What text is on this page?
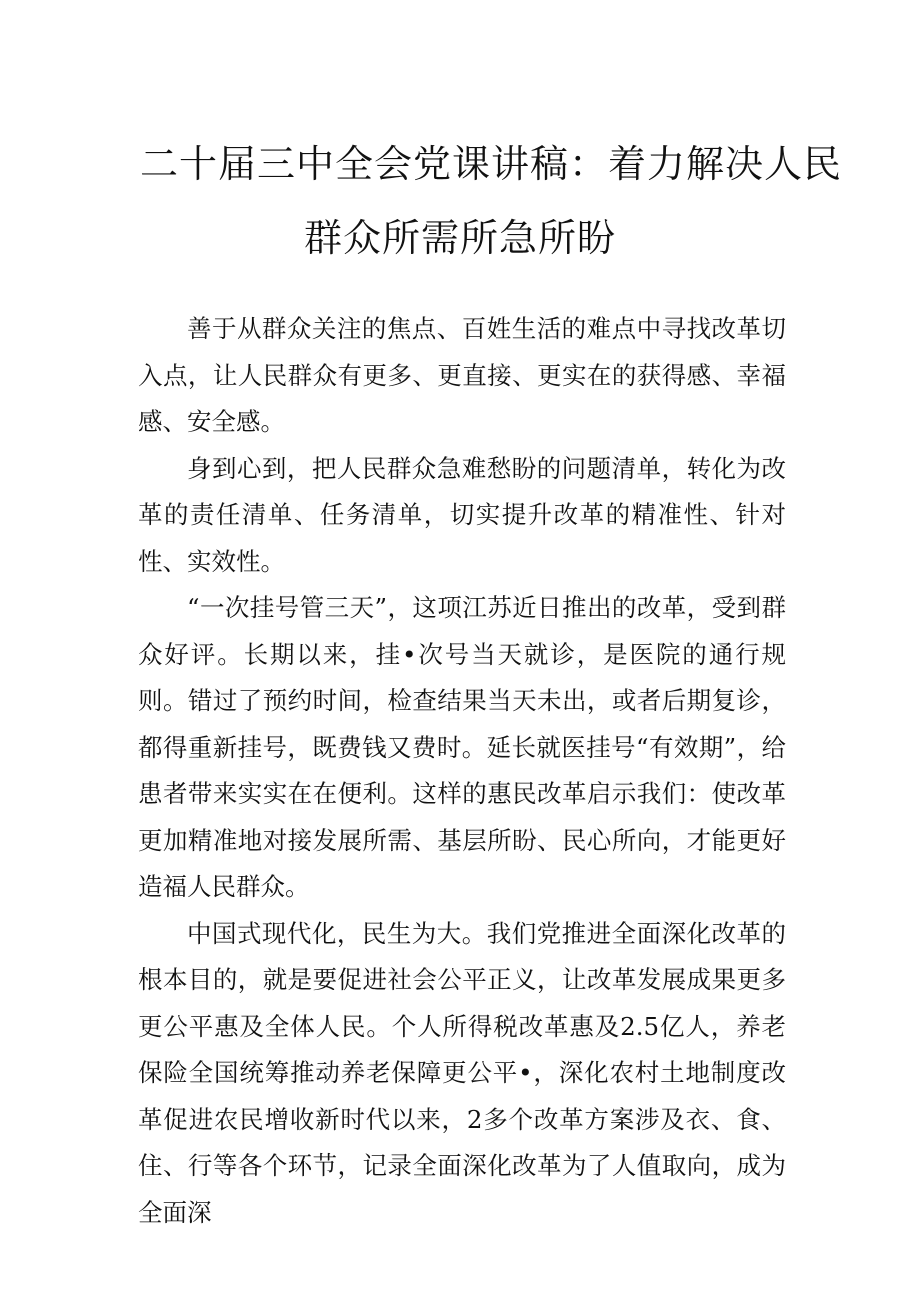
二十届三中全会党课讲稿：着力解决人民
群众所需所急所盼

善于从群众关注的焦点、百姓生活的难点中寻找改革切入点，让人民群众有更多、更直接、更实在的获得感、幸福感、安全感。

身到心到，把人民群众急难愁盼的问题清单，转化为改革的责任清单、任务清单，切实提升改革的精准性、针对性、实效性。

“一次挂号管三天”，这项江苏近日推出的改革，受到群众好评。长期以来，挂•次号当天就诊，是医院的通行规则。错过了预约时间，检查结果当天未出，或者后期复诊，都得重新挂号，既费钱又费时。延长就医挂号“有效期”，给患者带来实实在在便利。这样的惠民改革启示我们：使改革更加精准地对接发展所需、基层所盼、民心所向，才能更好造福人民群众。

中国式现代化，民生为大。我们党推进全面深化改革的根本目的，就是要促进社会公平正义，让改革发展成果更多更公平惠及全体人民。个人所得税改革惠及2.5亿人，养老保险全国统筹推动养老保障更公平•，深化农村土地制度改革促进农民增收新时代以来，2多个改革方案涉及衣、食、住、行等各个环节，记录全面深化改革为了人值取向，成为全面深
